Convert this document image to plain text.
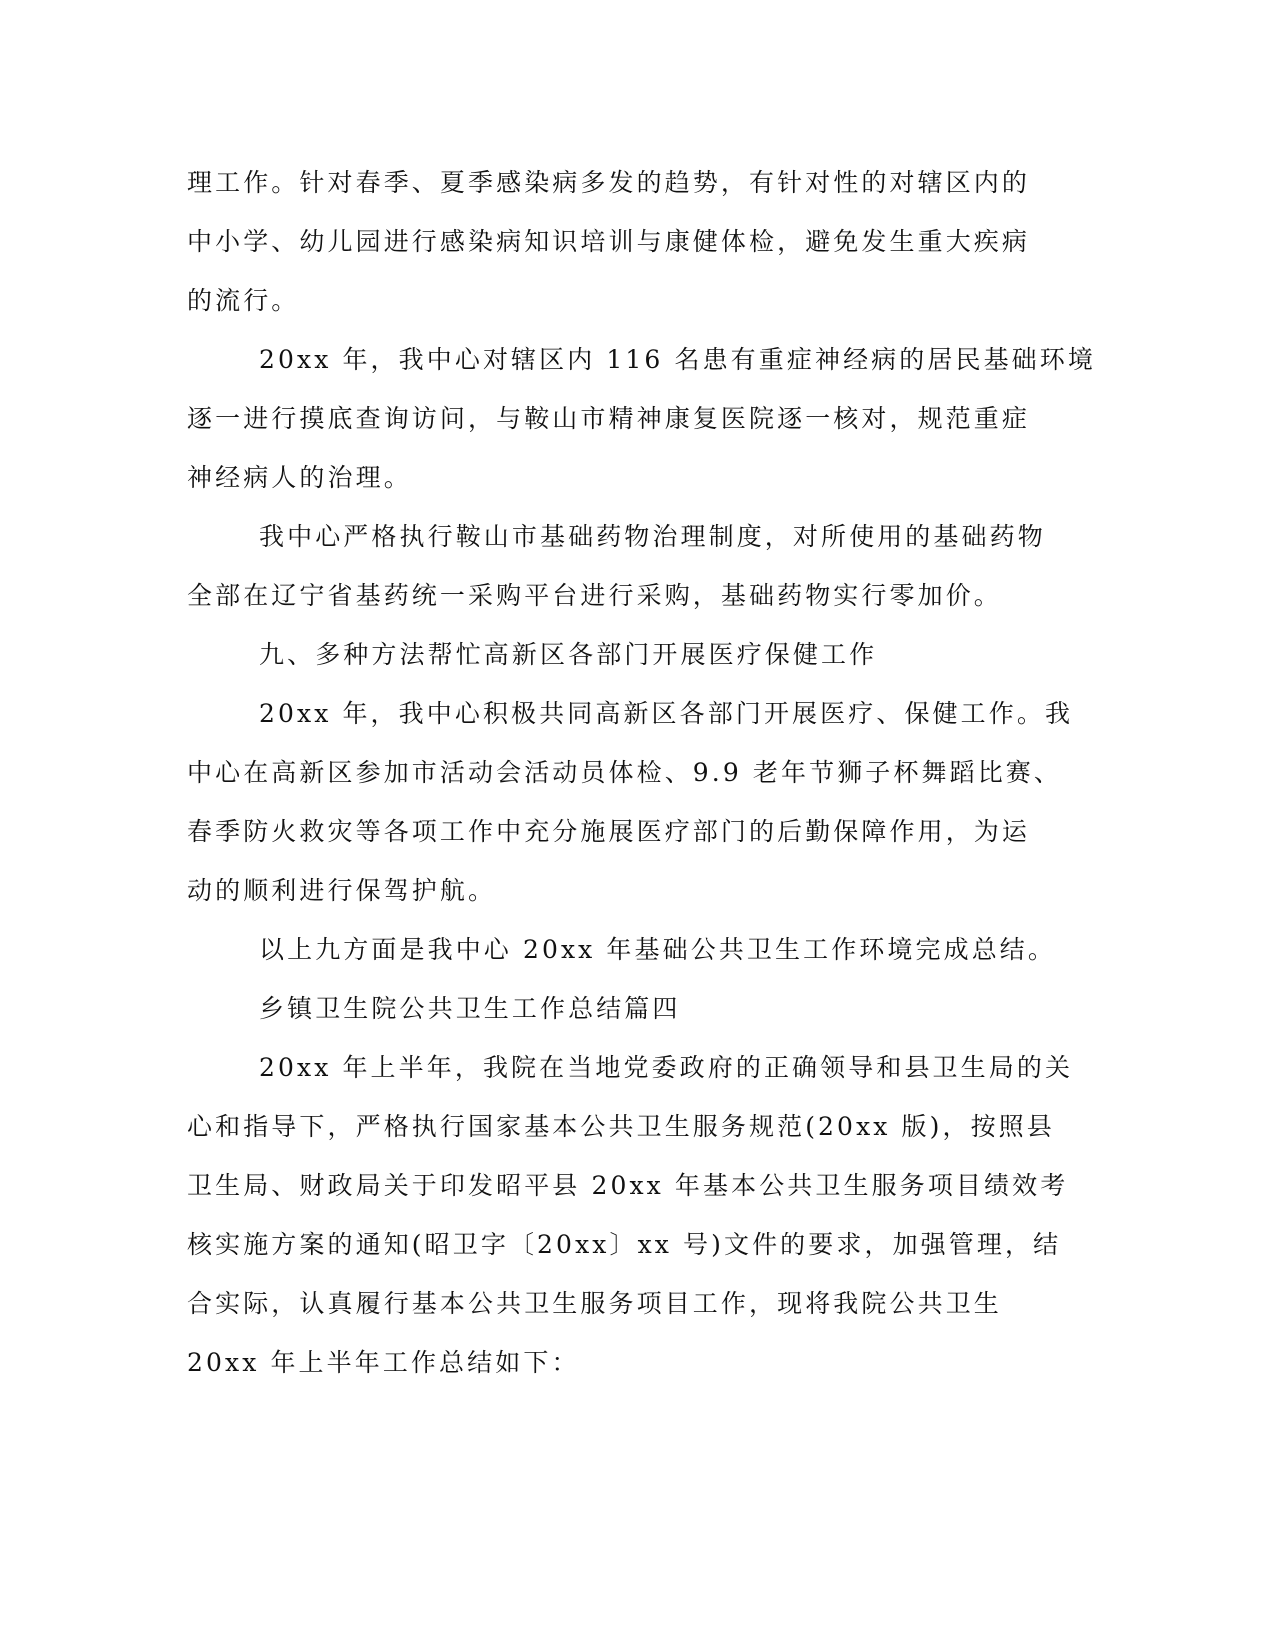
理工作。针对春季、夏季感染病多发的趋势，有针对性的对辖区内的
中小学、幼儿园进行感染病知识培训与康健体检，避免发生重大疾病
的流行。
20xx 年，我中心对辖区内 116 名患有重症神经病的居民基础环境
逐一进行摸底查询访问，与鞍山市精神康复医院逐一核对，规范重症
神经病人的治理。
我中心严格执行鞍山市基础药物治理制度，对所使用的基础药物
全部在辽宁省基药统一采购平台进行采购，基础药物实行零加价。
九、多种方法帮忙高新区各部门开展医疗保健工作
20xx 年，我中心积极共同高新区各部门开展医疗、保健工作。我
中心在高新区参加市活动会活动员体检、9.9 老年节狮子杯舞蹈比赛、
春季防火救灾等各项工作中充分施展医疗部门的后勤保障作用，为运
动的顺利进行保驾护航。
以上九方面是我中心 20xx 年基础公共卫生工作环境完成总结。
乡镇卫生院公共卫生工作总结篇四
20xx 年上半年，我院在当地党委政府的正确领导和县卫生局的关
心和指导下，严格执行国家基本公共卫生服务规范(20xx 版)，按照县
卫生局、财政局关于印发昭平县 20xx 年基本公共卫生服务项目绩效考
核实施方案的通知(昭卫字〔20xx〕xx 号)文件的要求，加强管理，结
合实际，认真履行基本公共卫生服务项目工作，现将我院公共卫生
20xx 年上半年工作总结如下：
